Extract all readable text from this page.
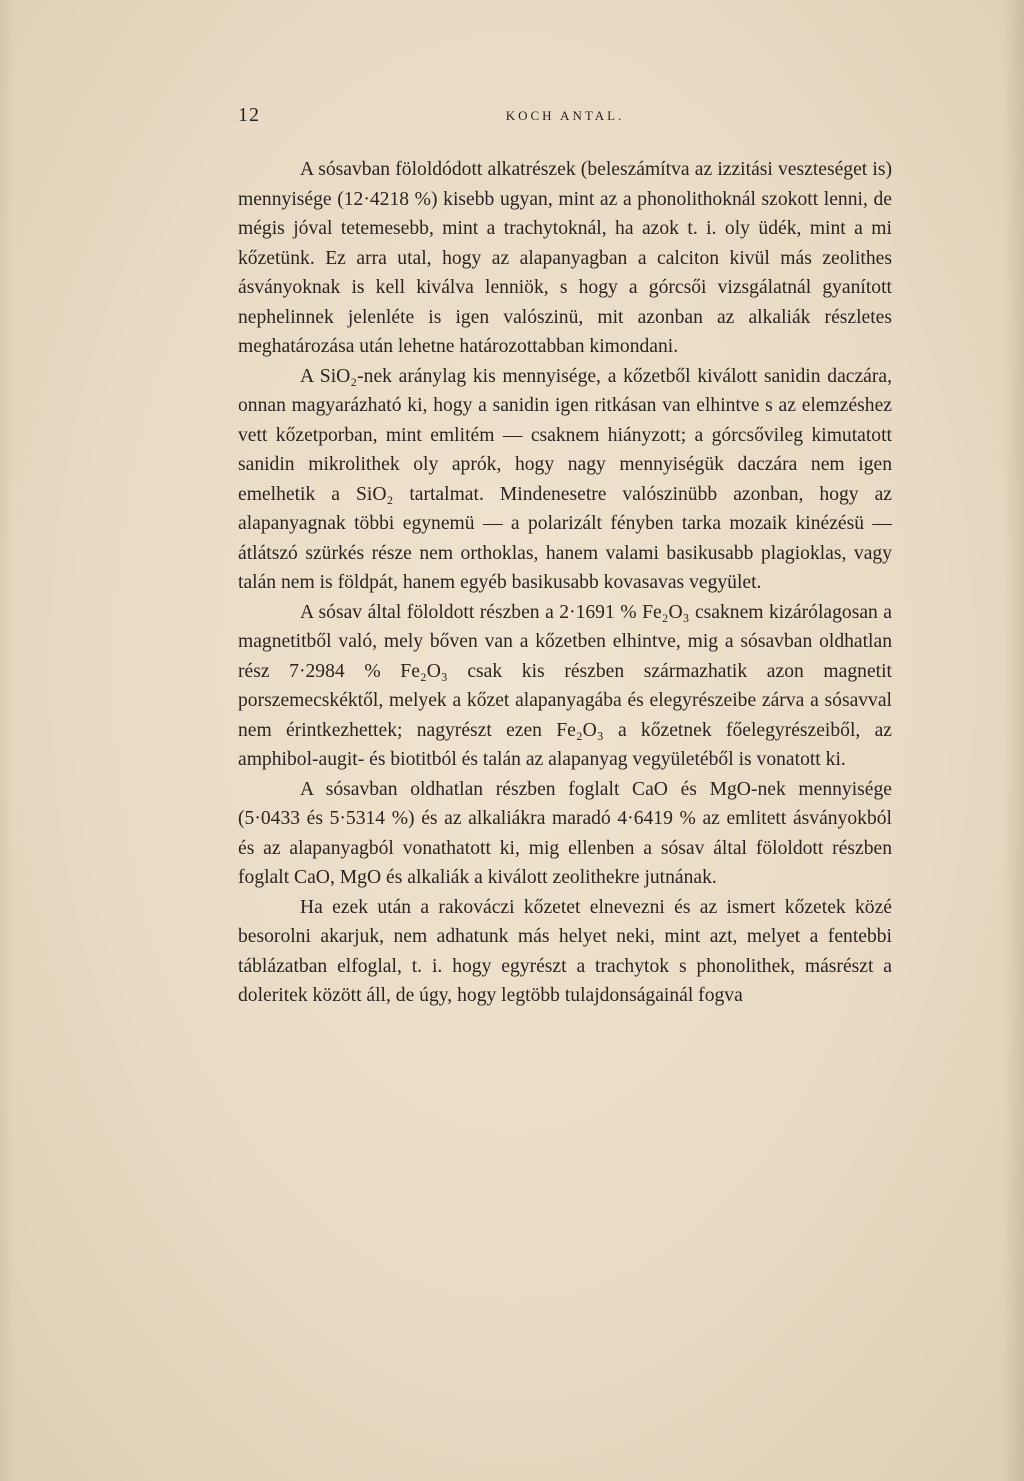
12	KOCH ANTAL.

A sósavban föloldódott alkatrészek (beleszámítva az izzitási veszteséget is) mennyisége (12·4218 %) kisebb ugyan, mint az a phonolithoknál szokott lenni, de mégis jóval tetemesebb, mint a trachytoknál, ha azok t. i. oly üdék, mint a mi kőzetünk. Ez arra utal, hogy az alapanyagban a calciton kivül más zeolithes ásványoknak is kell kiválva lenniök, s hogy a górcsői vizsgálatnál gyanított nephelinnek jelenléte is igen valószinü, mit azonban az alkaliák részletes meghatározása után lehetne határozottabban kimondani.

A SiO₂-nek aránylag kis mennyisége, a kőzetből kiválott sanidin daczára, onnan magyarázható ki, hogy a sanidin igen ritkásan van elhintve s az elemzéshez vett kőzetporban, mint emlitém — csaknem hiányzott; a górcsővileg kimutatott sanidin mikrolithek oly aprók, hogy nagy mennyiségük daczára nem igen emelhetik a SiO₂ tartalmat. Mindenesetre valószinübb azonban, hogy az alapanyagnak többi egynemü — a polarizált fényben tarka mozaik kinézésü — átlátszó szürkés része nem orthoklas, hanem valami basikusabb plagioklas, vagy talán nem is földpát, hanem egyéb basikusabb kovasavas vegyület.

A sósav által föloldott részben a 2·1691 % Fe₂O₃ csaknem kizárólagosan a magnetitből való, mely bőven van a kőzetben elhintve, mig a sósavban oldhatlan rész 7·2984 % Fe₂O₃ csak kis részben származhatik azon magnetit porszemecskéktől, melyek a kőzet alapanyagába és elegyrészeibe zárva a sósavval nem érintkezhettek; nagyrészt ezen Fe₂O₃ a kőzetnek főelegyrészeiből, az amphibol-augit- és biotitból és talán az alapanyag vegyületéből is vonatott ki.

A sósavban oldhatlan részben foglalt CaO és MgO-nek mennyisége (5·0433 és 5·5314 %) és az alkaliákra maradó 4·6419 % az emlitett ásványokból és az alapanyagból vonathatott ki, mig ellenben a sósav által föloldott részben foglalt CaO, MgO és alkaliák a kiválott zeolithekre jutnának.

Ha ezek után a rakováczi kőzetet elnevezni és az ismert kőzetek közé besorolni akarjuk, nem adhatunk más helyet neki, mint azt, melyet a fentebbi táblázatban elfoglal, t. i. hogy egyrészt a trachytok s phonolithek, másrészt a doleritek között áll, de úgy, hogy legtöbb tulajdonságainál fogva
